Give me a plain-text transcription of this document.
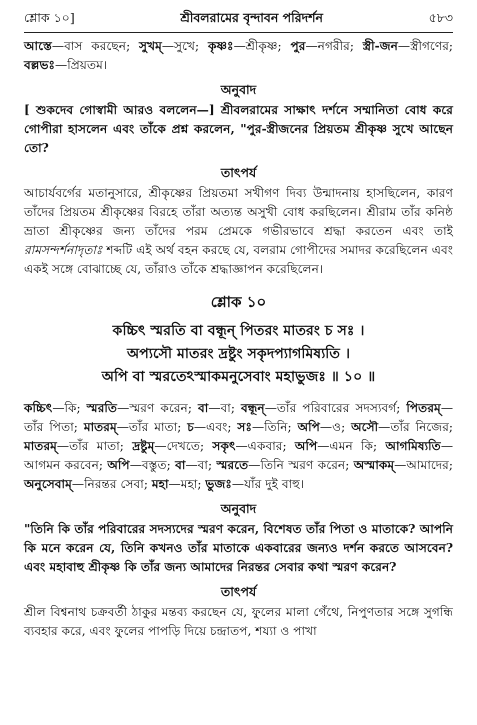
শ্লোক ১০]	শ্রীবলরামের বৃন্দাবন পরিদর্শন	৫৮৩

আস্তে—বাস করছেন; সুখম্—সুখে; কৃষ্ণঃ—শ্রীকৃষ্ণ; পুর—নগরীর; স্ত্রী-জন—স্ত্রীগণের; বল্লভঃ—প্রিয়তম।

অনুবাদ

[ শুকদেব গোস্বামী আরও বললেন—] শ্রীবলরামের সাক্ষাৎ দর্শনে সম্মানিতা বোধ করে গোপীরা হাসলেন এবং তাঁকে প্রশ্ন করলেন, "পুর-স্ত্রীজনের প্রিয়তম শ্রীকৃষ্ণ সুখে আছেন তো?

তাৎপর্য

আচার্যবর্গের মতানুসারে, শ্রীকৃষ্ণের প্রিয়তমা সখীগণ দিব্য উন্মাদনায় হাসছিলেন, কারণ তাঁদের প্রিয়তম শ্রীকৃষ্ণের বিরহে তাঁরা অত্যন্ত অসুখী বোধ করছিলেন। শ্রীরাম তাঁর কনিষ্ঠ ভ্রাতা শ্রীকৃষ্ণের জন্য তাঁদের পরম প্রেমকে গভীরভাবে শ্রদ্ধা করতেন এবং তাই রামসন্দর্শনাদৃতাঃ শব্দটি এই অর্থ বহন করছে যে, বলরাম গোপীদের সমাদর করেছিলেন এবং একই সঙ্গে বোঝাচ্ছে যে, তাঁরাও তাঁকে শ্রদ্ধাজ্ঞাপন করেছিলেন।

শ্লোক ১০

কচ্চিৎ স্মরতি বা বন্ধূন্ পিতরং মাতরং চ সঃ ।

অপ্যসৌ মাতরং দ্রষ্টুং সকৃদপ্যাগমিষ্যতি ।

অপি বা স্মরতেঽস্মাকমনুসেবাং মহাভুজঃ ॥ ১০ ॥

কচ্চিৎ—কি; স্মরতি—স্মরণ করেন; বা—বা; বন্ধূন্—তাঁর পরিবারের সদস্যবর্গ; পিতরম্—তাঁর পিতা; মাতরম্—তাঁর মাতা; চ—এবং; সঃ—তিনি; অপি—ও; অসৌ—তাঁর নিজের; মাতরম্—তাঁর মাতা; দ্রষ্টুম্—দেখতে; সকৃৎ—একবার; অপি—এমন কি; আগমিষ্যতি—আগমন করবেন; অপি—বস্তুত; বা—বা; স্মরতে—তিনি স্মরণ করেন; অস্মাকম্—আমাদের; অনুসেবাম্—নিরন্তর সেবা; মহা—মহা; ভুজঃ—যাঁর দুই বাহু।

অনুবাদ

"তিনি কি তাঁর পরিবারের সদস্যদের স্মরণ করেন, বিশেষত তাঁর পিতা ও মাতাকে? আপনি কি মনে করেন যে, তিনি কখনও তাঁর মাতাকে একবারের জন্যও দর্শন করতে আসবেন? এবং মহাবাহু শ্রীকৃষ্ণ কি তাঁর জন্য আমাদের নিরন্তর সেবার কথা স্মরণ করেন?

তাৎপর্য

শ্রীল বিশ্বনাথ চক্রবর্তী ঠাকুর মন্তব্য করছেন যে, ফুলের মালা গেঁথে, নিপুণতার সঙ্গে সুগন্ধি ব্যবহার করে, এবং ফুলের পাপড়ি দিয়ে চন্দ্রাতপ, শয্যা ও পাখা
